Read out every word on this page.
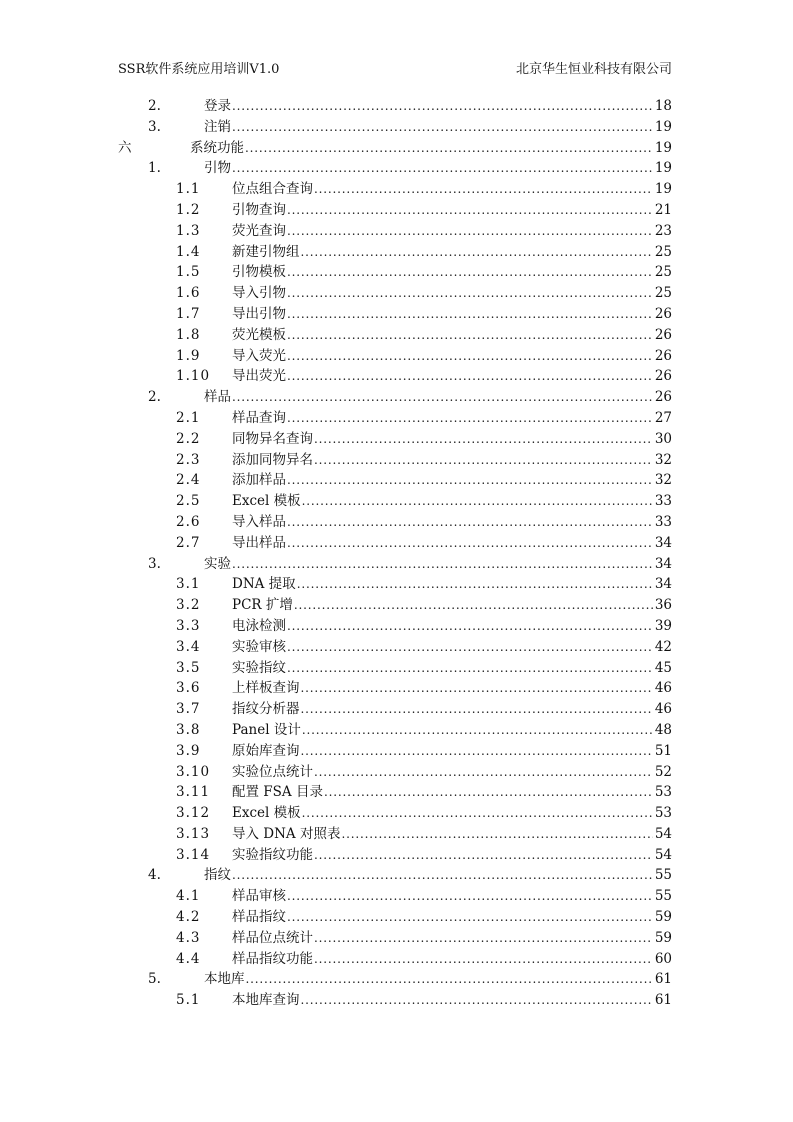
SSR软件系统应用培训V1.0	北京华生恒业科技有限公司
2.	登录 . . .	18
3.	注销 . . .	19
六	系统功能 . . .	19
1.	引物 . . .	19
1.1 位点组合查询 . . .	19
1.2 引物查询 . . .	21
1.3 荧光查询 . . .	23
1.4 新建引物组 . . .	25
1.5 引物模板 . . .	25
1.6 导入引物 . . .	25
1.7 导出引物 . . .	26
1.8 荧光模板 . . .	26
1.9 导入荧光 . . .	26
1.10 导出荧光 . . .	26
2.	样品 . . .	26
2.1 样品查询 . . .	27
2.2 同物异名查询 . . .	30
2.3 添加同物异名 . . .	32
2.4 添加样品 . . .	32
2.5 Excel 模板 . . .	33
2.6 导入样品 . . .	33
2.7 导出样品 . . .	34
3.	实验 . . .	34
3.1 DNA 提取 . . .	34
3.2 PCR 扩增 . . .	36
3.3 电泳检测 . . .	39
3.4 实验审核 . . .	42
3.5 实验指纹 . . .	45
3.6 上样板查询 . . .	46
3.7 指纹分析器 . . .	46
3.8 Panel 设计 . . .	48
3.9 原始库查询 . . .	51
3.10 实验位点统计 . . .	52
3.11 配置 FSA 目录 . . .	53
3.12 Excel 模板 . . .	53
3.13 导入 DNA 对照表 . . .	54
3.14 实验指纹功能 . . .	54
4.	指纹 . . .	55
4.1 样品审核 . . .	55
4.2 样品指纹 . . .	59
4.3 样品位点统计 . . .	59
4.4 样品指纹功能 . . .	60
5.	本地库 . . .	61
5.1 本地库查询 . . .	61
